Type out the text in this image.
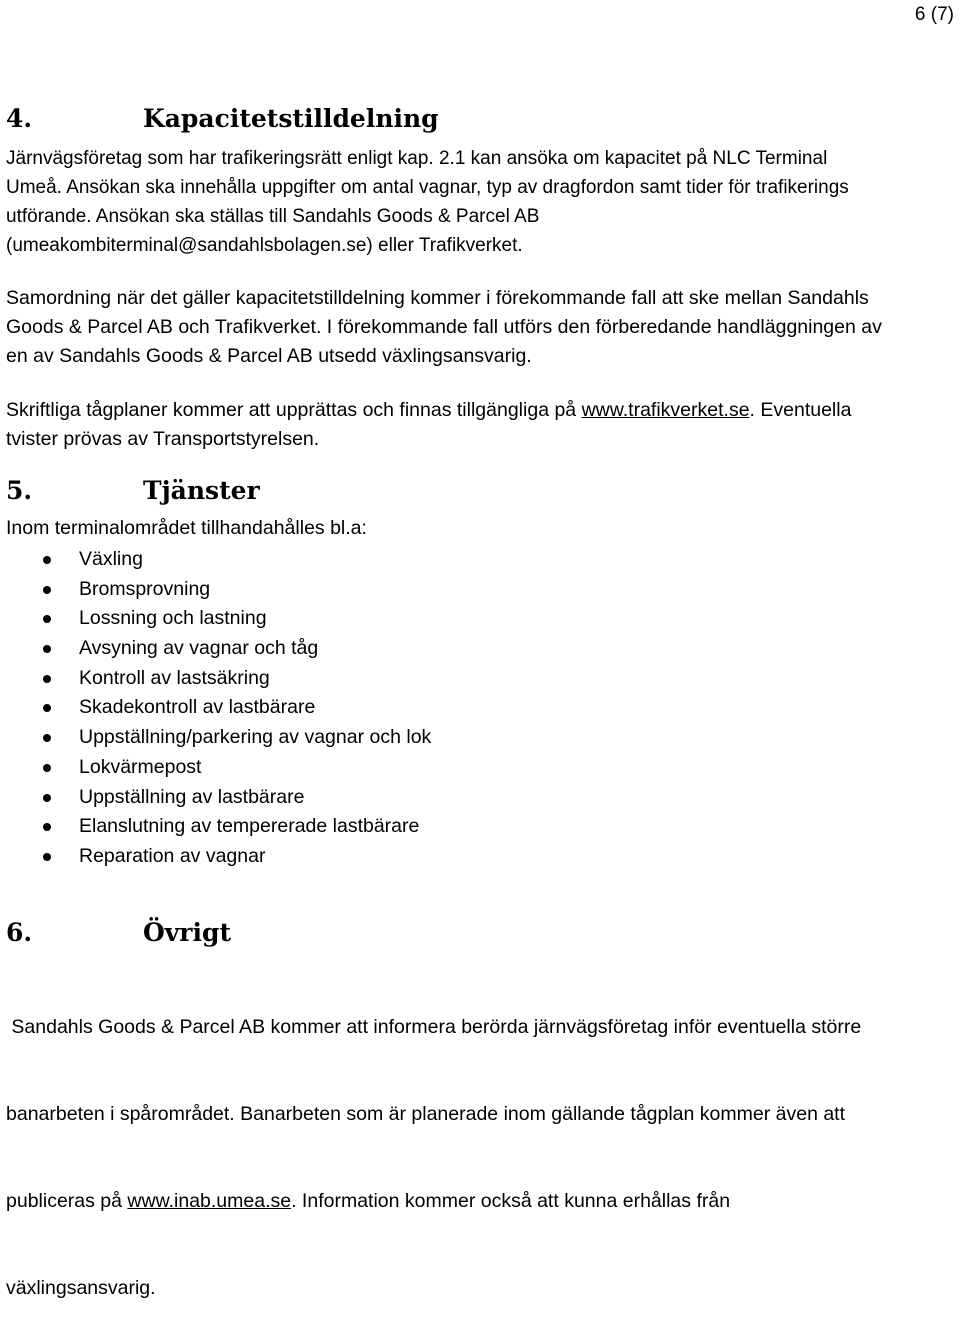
6 (7)
4.	Kapacitetstilldelning

Järnvägsföretag som har trafikeringsrätt enligt kap. 2.1 kan ansöka om kapacitet på NLC Terminal
Umeå. Ansökan ska innehålla uppgifter om antal vagnar, typ av dragfordon samt tider för trafikerings
utförande. Ansökan ska ställas till Sandahls Goods & Parcel AB
(umeakombiterminal@sandahlsbolagen.se) eller Trafikverket.

Samordning när det gäller kapacitetstilldelning kommer i förekommande fall att ske mellan Sandahls
Goods & Parcel AB och Trafikverket. I förekommande fall utförs den förberedande handläggningen av
en av Sandahls Goods & Parcel AB utsedd växlingsansvarig.

Skriftliga tågplaner kommer att upprättas och finnas tillgängliga på www.trafikverket.se. Eventuella
tvister prövas av Transportstyrelsen.

5.	Tjänster

Inom terminalområdet tillhandahålles bl.a:

Växling
Bromsprovning
Lossning och lastning
Avsyning av vagnar och tåg
Kontroll av lastsäkring
Skadekontroll av lastbärare
Uppställning/parkering av vagnar och lok
Lokvärmepost
Uppställning av lastbärare
Elanslutning av tempererade lastbärare
Reparation av vagnar
6.	Övrigt

Sandahls Goods & Parcel AB kommer att informera berörda järnvägsföretag inför eventuella större

banarbeten i spårområdet. Banarbeten som är planerade inom gällande tågplan kommer även att

publiceras på www.inab.umea.se. Information kommer också att kunna erhållas från

växlingsansvarig.
